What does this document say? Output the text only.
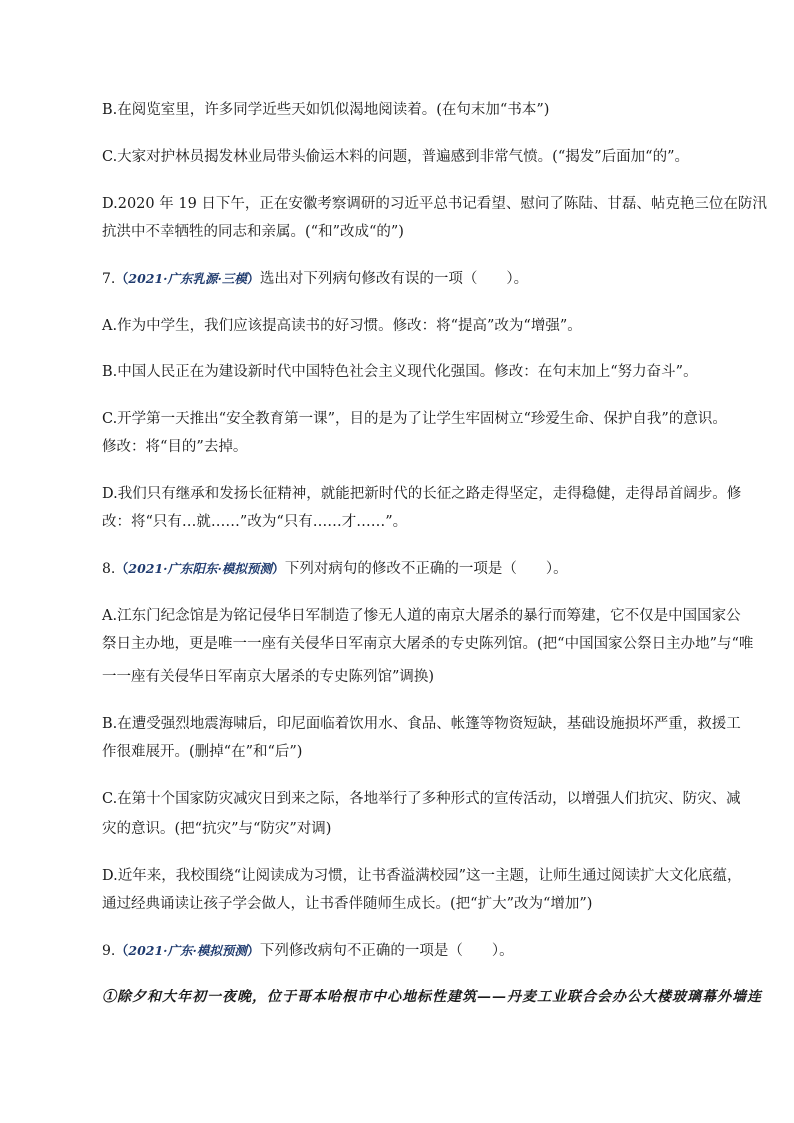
B.在阅览室里，许多同学近些天如饥似渴地阅读着。(在句末加“书本”)
C.大家对护林员揭发林业局带头偷运木料的问题，普遍感到非常气愤。(“揭发”后面加“的”。
D.2020 年 19 日下午，正在安徽考察调研的习近平总书记看望、慰问了陈陆、甘磊、帖克艳三位在防汛
抗洪中不幸牺牲的同志和亲属。(“和”改成“的”)
7.（2021·广东乳源·三模）选出对下列病句修改有误的一项（　　）。
A.作为中学生，我们应该提高读书的好习惯。修改：将“提高”改为“增强”。
B.中国人民正在为建设新时代中国特色社会主义现代化强国。修改：在句末加上“努力奋斗”。
C.开学第一天推出“安全教育第一课”，目的是为了让学生牢固树立“珍爱生命、保护自我”的意识。
修改：将“目的”去掉。
D.我们只有继承和发扬长征精神，就能把新时代的长征之路走得坚定，走得稳健，走得昂首阔步。修
改：将“只有…就……”改为“只有……才……”。
8.（2021·广东阳东·模拟预测）下列对病句的修改不正确的一项是（　　）。
A.江东门纪念馆是为铭记侵华日军制造了惨无人道的南京大屠杀的暴行而筹建，它不仅是中国国家公
祭日主办地，更是唯一一座有关侵华日军南京大屠杀的专史陈列馆。(把“中国国家公祭日主办地”与“唯
一一座有关侵华日军南京大屠杀的专史陈列馆”调换)
B.在遭受强烈地震海啸后，印尼面临着饮用水、食品、帐篷等物资短缺，基础设施损坏严重，救援工
作很难展开。(删掉“在”和“后”)
C.在第十个国家防灾减灾日到来之际，各地举行了多种形式的宣传活动，以增强人们抗灾、防灾、减
灾的意识。(把“抗灾”与“防灾”对调)
D.近年来，我校围绕“让阅读成为习惯，让书香溢满校园”这一主题，让师生通过阅读扩大文化底蕴，
通过经典诵读让孩子学会做人，让书香伴随师生成长。(把“扩大”改为“增加”)
9.（2021·广东·模拟预测）下列修改病句不正确的一项是（　　）。
①除夕和大年初一夜晚，位于哥本哈根市中心地标性建筑——丹麦工业联合会办公大楼玻璃幕外墙连
